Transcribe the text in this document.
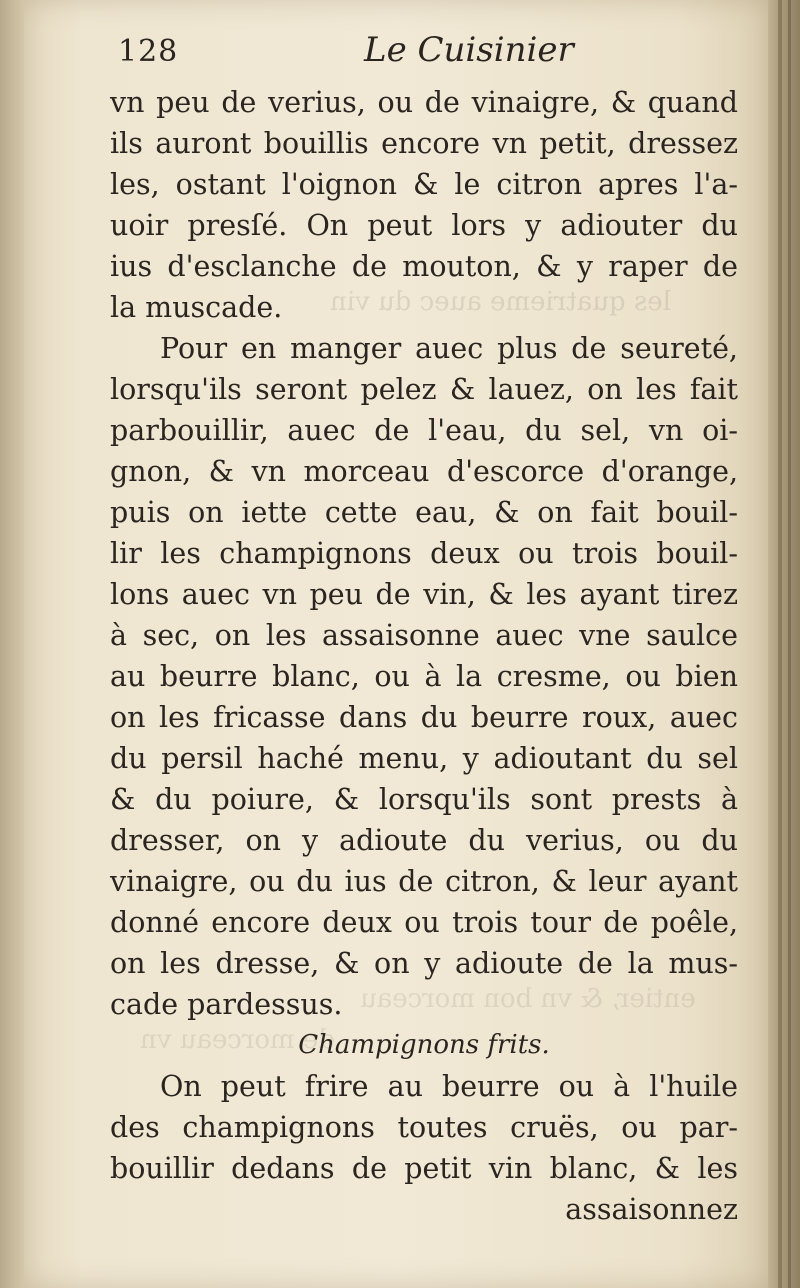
les quatrieme auec du vin
entier, & vn bon morceau
de morceau vn
128	Le Cuisinier
vn peu de verius, ou de vinaigre, & quand
ils auront bouillis encore vn petit, dressez
les, ostant l'oignon & le citron apres l'a-
uoir presſé. On peut lors y adiouter du
ius d'esclanche de mouton, & y raper de
la muscade.
Pour en manger auec plus de seureté,
lorsqu'ils seront pelez & lauez, on les fait
parbouillir, auec de l'eau, du sel, vn oi-
gnon, & vn morceau d'escorce d'orange,
puis on iette cette eau, & on fait bouil-
lir les champignons deux ou trois bouil-
lons auec vn peu de vin, & les ayant tirez
à sec, on les assaisonne auec vne saulce
au beurre blanc, ou à la cresme, ou bien
on les fricasse dans du beurre roux, auec
du persil haché menu, y adioutant du sel
& du poiure, & lorsqu'ils sont prests à
dresser, on y adioute du verius, ou du
vinaigre, ou du ius de citron, & leur ayant
donné encore deux ou trois tour de poêle,
on les dresse, & on y adioute de la mus-
cade pardessus.
Champignons frits.
On peut frire au beurre ou à l'huile
des champignons toutes cruës, ou par-
bouillir dedans de petit vin blanc, & les
assaisonnez
